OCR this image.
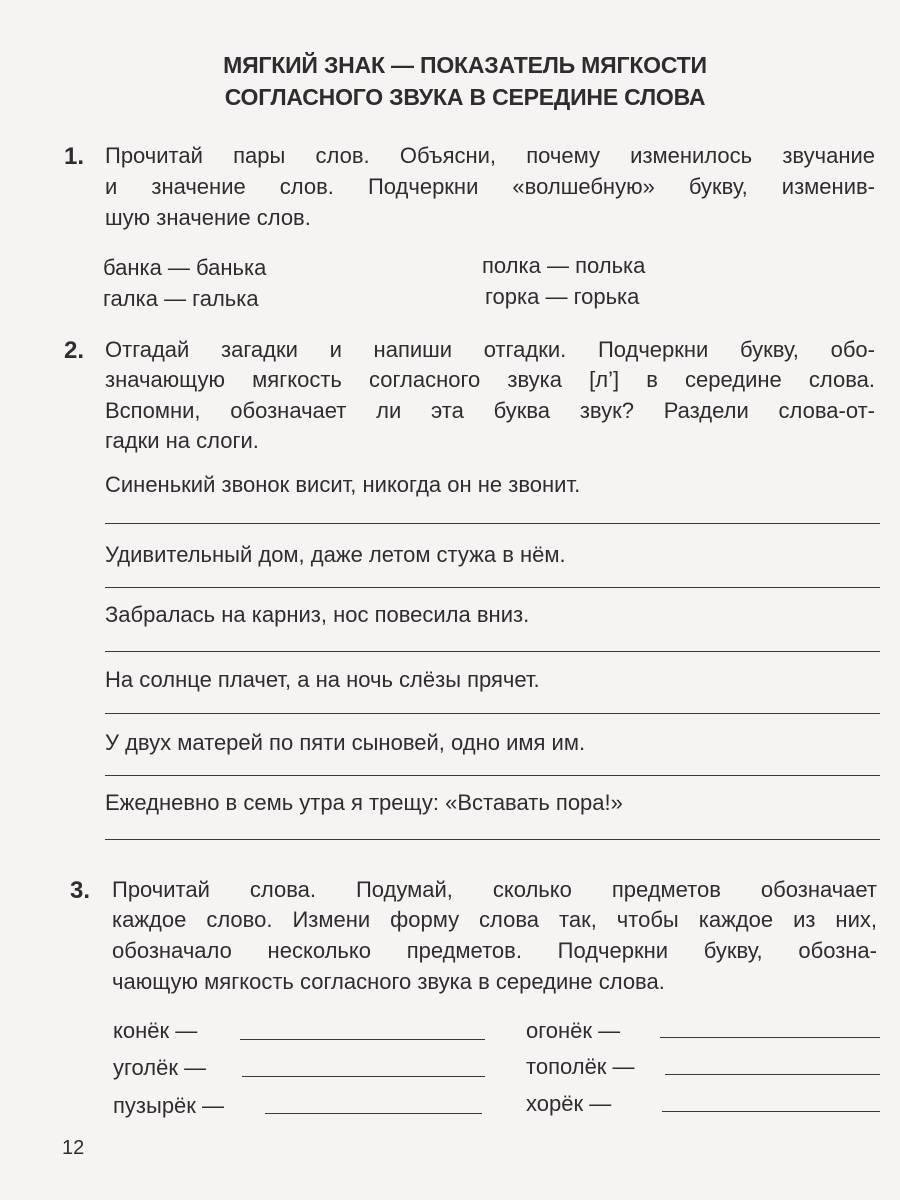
МЯГКИЙ ЗНАК — ПОКАЗАТЕЛЬ МЯГКОСТИ
СОГЛАСНОГО ЗВУКА В СЕРЕДИНЕ СЛОВА
1. Прочитай пары слов. Объясни, почему изменилось звучание
и значение слов. Подчеркни «волшебную» букву, изменив-
шую значение слов.
банка — банька
галка — галька
полка — полька
горка — горька
2. Отгадай загадки и напиши отгадки. Подчеркни букву, обо-
значающую мягкость согласного звука [л’] в середине слова.
Вспомни, обозначает ли эта буква звук? Раздели слова-от-
гадки на слоги.
Синенький звонок висит, никогда он не звонит.
Удивительный дом, даже летом стужа в нём.
Забралась на карниз, нос повесила вниз.
На солнце плачет, а на ночь слёзы прячет.
У двух матерей по пяти сыновей, одно имя им.
Ежедневно в семь утра я трещу: «Вставать пора!»
3. Прочитай слова. Подумай, сколько предметов обозначает
каждое слово. Измени форму слова так, чтобы каждое из них,
обозначало несколько предметов. Подчеркни букву, обозна-
чающую мягкость согласного звука в середине слова.
конёк —
уголёк —
пузырёк —
огонёк —
тополёк —
хорёк —
12
